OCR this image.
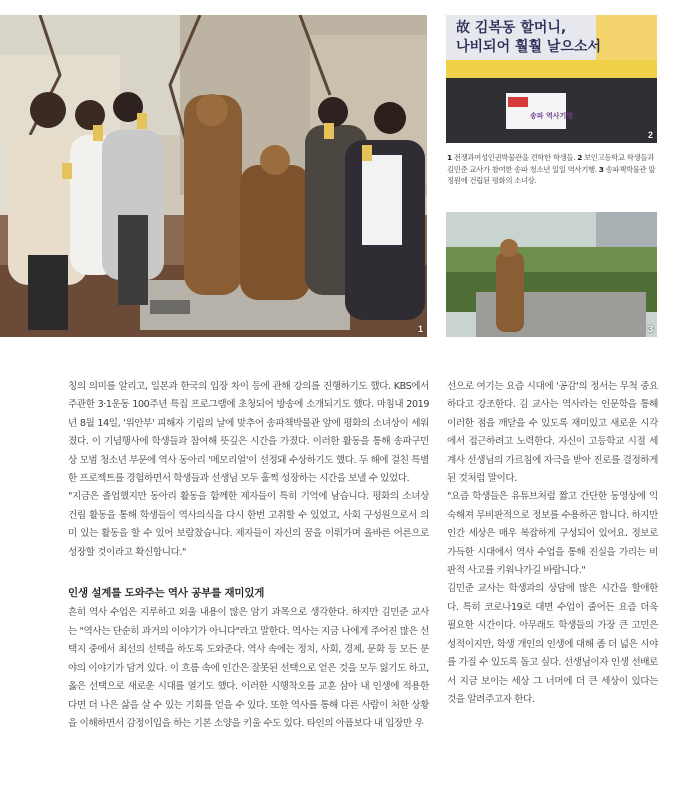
1
故 김복동 할머니,
나비되어 훨훨 날으소서
송파 역사기행
2
1 전쟁과여성인권박물관을 견학한 학생들. 2 보인고등학교 학생들과 김민준 교사가 참여한 송파 청소년 일일 역사기행. 3 송파책박물관 앞 정원에 건립된 평화의 소녀상.
3

칭의 의미를 알리고, 일본과 한국의 입장 차이 등에 관해 강의를 진행하기도 했다. KBS에서 주관한 3·1운동 100주년 특집 프로그램에 초청되어 방송에 소개되기도 했다. 마침내 2019년 8월 14일, '위안부' 피해자 기림의 날에 맞추어 송파책박물관 앞에 평화의 소녀상이 세워졌다. 이 기념행사에 학생들과 참여해 뜻깊은 시간을 가졌다. 이러한 활동을 통해 송파구민상 모범 청소년 부문에 역사 동아리 '메모리얼'이 선정돼 수상하기도 했다. 두 해에 걸친 특별한 프로젝트를 경험하면서 학생들과 선생님 모두 훌쩍 성장하는 시간을 보낼 수 있었다.

"지금은 졸업했지만 동아리 활동을 함께한 제자들이 특히 기억에 남습니다. 평화의 소녀상 건립 활동을 통해 학생들이 역사의식을 다시 한번 고취할 수 있었고, 사회 구성원으로서 의미 있는 활동을 할 수 있어 보람찼습니다. 제자들이 자신의 꿈을 이뤄가며 올바른 어른으로 성장할 것이라고 확신합니다."

인생 설계를 도와주는 역사 공부를 재미있게

흔히 역사 수업은 지루하고 외울 내용이 많은 암기 과목으로 생각한다. 하지만 김민준 교사는 "역사는 단순히 과거의 이야기가 아니다"라고 말한다. 역사는 지금 나에게 주어진 많은 선택지 중에서 최선의 선택을 하도록 도와준다. 역사 속에는 정치, 사회, 경제, 문화 등 모든 분야의 이야기가 담겨 있다. 이 흐름 속에 인간은 잘못된 선택으로 얻은 것을 모두 잃기도 하고, 옳은 선택으로 새로운 시대를 열기도 했다. 이러한 시행착오를 교훈 삼아 내 인생에 적용한다면 더 나은 삶을 살 수 있는 기회를 얻을 수 있다. 또한 역사를 통해 다른 사람이 처한 상황을 이해하면서 감정이입을 하는 기본 소양을 키울 수도 있다. 타인의 아픔보다 내 입장만 우

선으로 여기는 요즘 시대에 '공감'의 정서는 무척 중요하다고 강조한다. 김 교사는 역사라는 인문학을 통해 이러한 점을 깨닫을 수 있도록 재미있고 새로운 시각에서 접근하려고 노력한다. 자신이 고등학교 시절 세계사 선생님의 가르침에 자극을 받아 진로를 결정하게 된 것처럼 말이다.

"요즘 학생들은 유튜브처럼 짧고 간단한 동영상에 익숙해져 무비판적으로 정보를 수용하곤 합니다. 하지만 인간 세상은 매우 복잡하게 구성되어 있어요. 정보로 가득한 시대에서 역사 수업을 통해 진실을 가리는 비판적 사고를 키워나가길 바랍니다."

김민준 교사는 학생과의 상담에 많은 시간을 할애한다. 특히 코로나19로 대면 수업이 줄어든 요즘 더욱 필요한 시간이다. 아무래도 학생들의 가장 큰 고민은 성적이지만, 학생 개인의 인생에 대해 좀 더 넓은 시야를 가질 수 있도록 돕고 싶다. 선생님이자 인생 선배로서 지금 보이는 세상 그 너머에 더 큰 세상이 있다는 것을 알려주고자 한다.
